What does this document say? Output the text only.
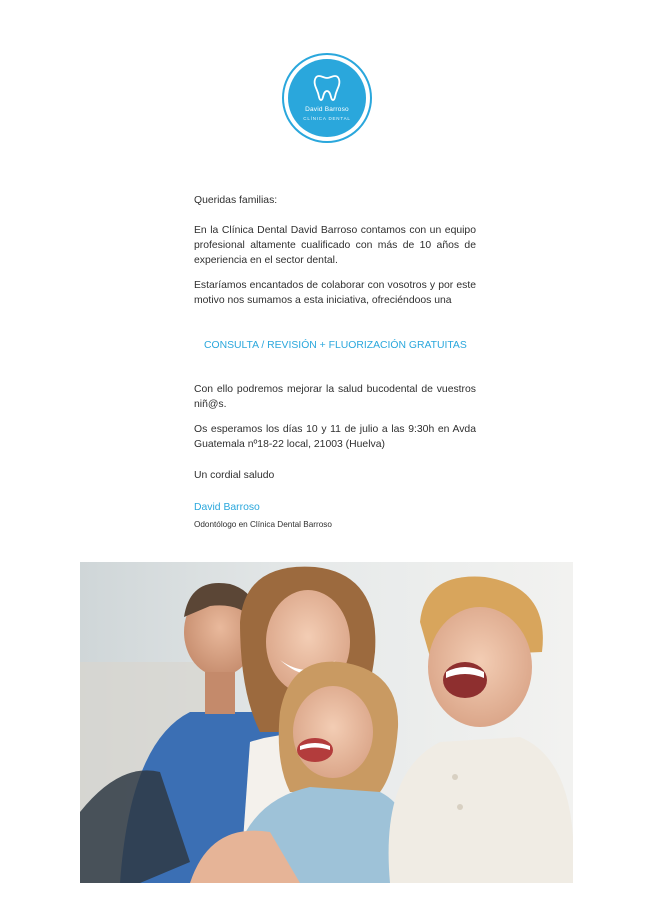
David Barroso
CLÍNICA DENTAL

Queridas familias:

En la Clínica Dental David Barroso contamos con un equipo profesional altamente cualificado con más de 10 años de experiencia en el sector dental.

Estaríamos encantados de colaborar con vosotros y por este motivo nos sumamos a esta iniciativa, ofreciéndoos una

CONSULTA / REVISIÓN + FLUORIZACIÓN GRATUITAS

Con ello podremos mejorar la salud bucodental de vuestros niñ@s.

Os esperamos los días 10 y 11 de julio a las 9:30h en Avda Guatemala nº18-22 local, 21003 (Huelva)

Un cordial saludo

David Barroso

Odontólogo en Clínica Dental Barroso
